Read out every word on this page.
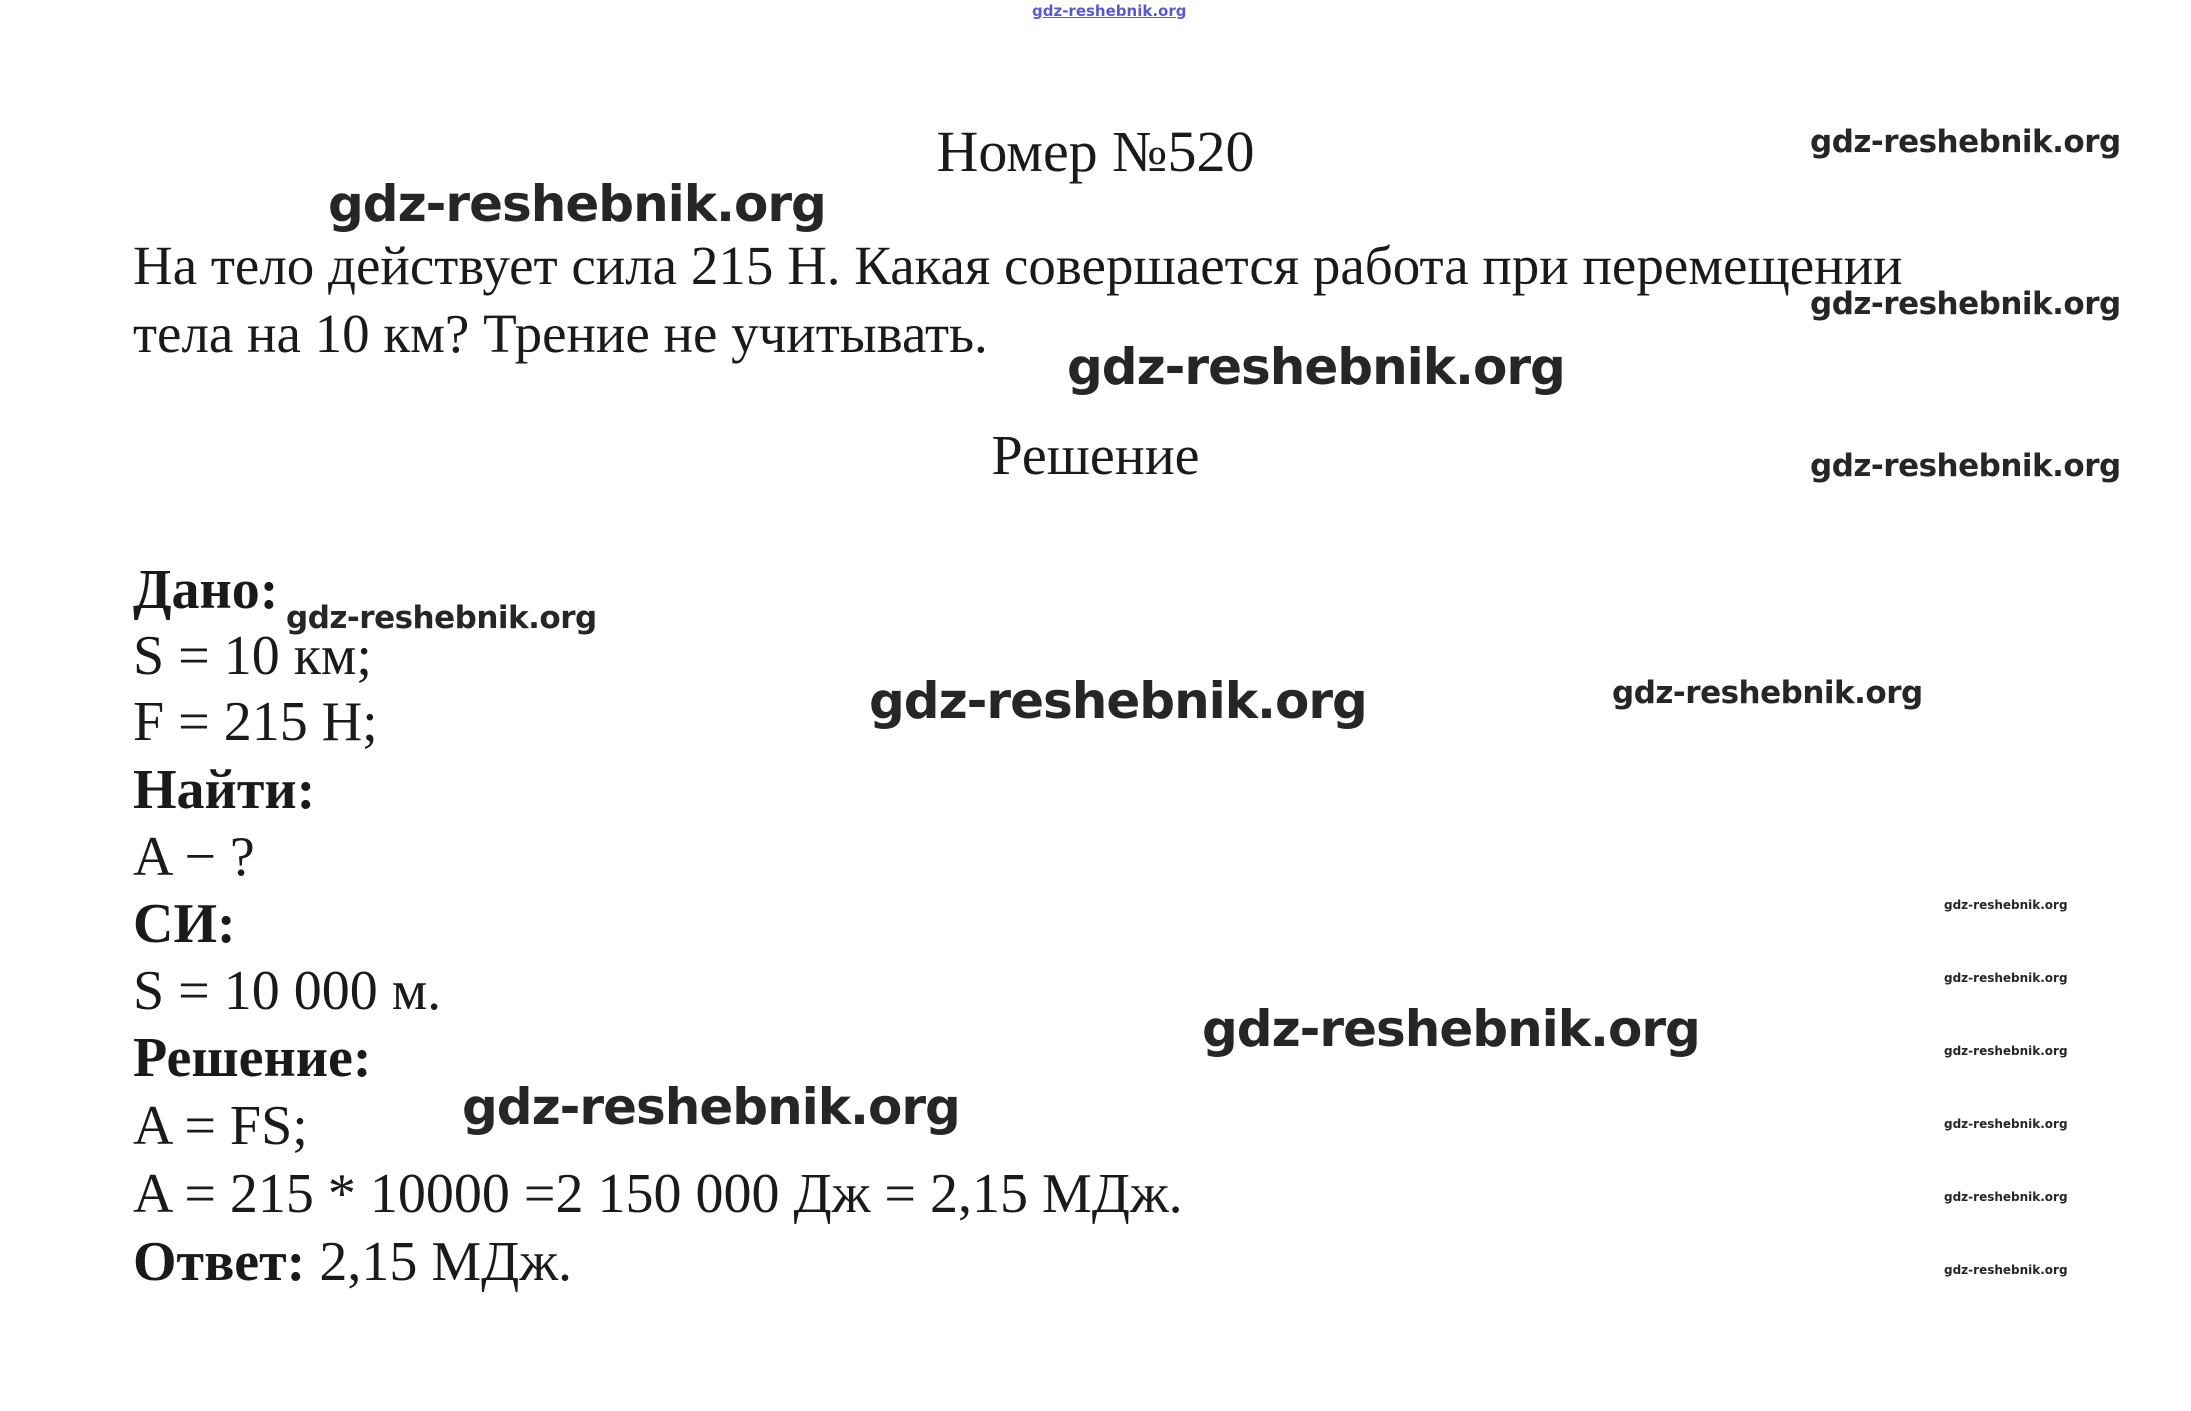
gdz-reshebnik.org
Номер №520
На тело действует сила 215 Н. Какая совершается работа при перемещении
тела на 10 км? Трение не учитывать.
Решение
Дано:
S = 10 км;
F = 215 Н;
Найти:
A − ?
СИ:
S = 10 000 м.
Решение:
A = FS;
A = 215 * 10000 =2 150 000 Дж = 2,15 МДж.
Ответ: 2,15 МДж.
gdz-reshebnik.org
gdz-reshebnik.org
gdz-reshebnik.org
gdz-reshebnik.org
gdz-reshebnik.org
gdz-reshebnik.org
gdz-reshebnik.org
gdz-reshebnik.org
gdz-reshebnik.org
gdz-reshebnik.org
gdz-reshebnik.org
gdz-reshebnik.org
gdz-reshebnik.org
gdz-reshebnik.org
gdz-reshebnik.org
gdz-reshebnik.org
